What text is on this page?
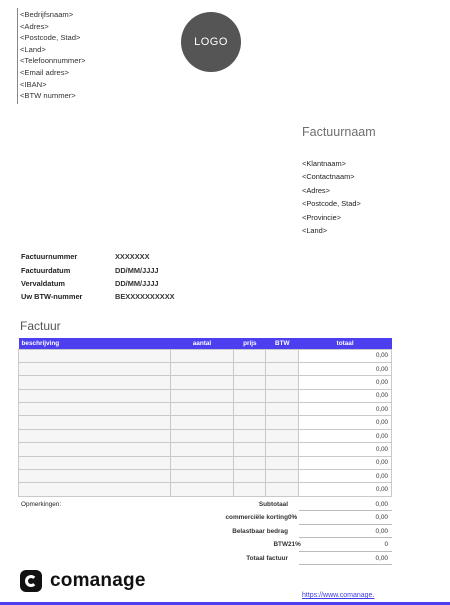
<Bedrijfsnaam>
<Adres>
<Postcode, Stad>
<Land>
<Telefoonnummer>
<Email adres>
<IBAN>
<BTW nummer>
LOGO
Factuurnaam
<Klantnaam>
<Contactnaam>
<Adres>
<Postcode, Stad>
<Provincie>
<Land>
Factuurnummer	XXXXXXX
Factuurdatum	DD/MM/JJJJ
Vervaldatum	DD/MM/JJJJ
Uw BTW-nummer	BEXXXXXXXXXX
Factuur
beschrijving	aantal	prijs	BTW	totaal
				0,00
				0,00
				0,00
				0,00
				0,00
				0,00
				0,00
				0,00
				0,00
				0,00
				0,00
Opmerkingen:	Subtotaal	0,00
commerciële korting 0%	0,00
Belastbaar bedrag	0,00
BTW 21%	0
Totaal factuur	0,00
comanage
https://www.comanage.
